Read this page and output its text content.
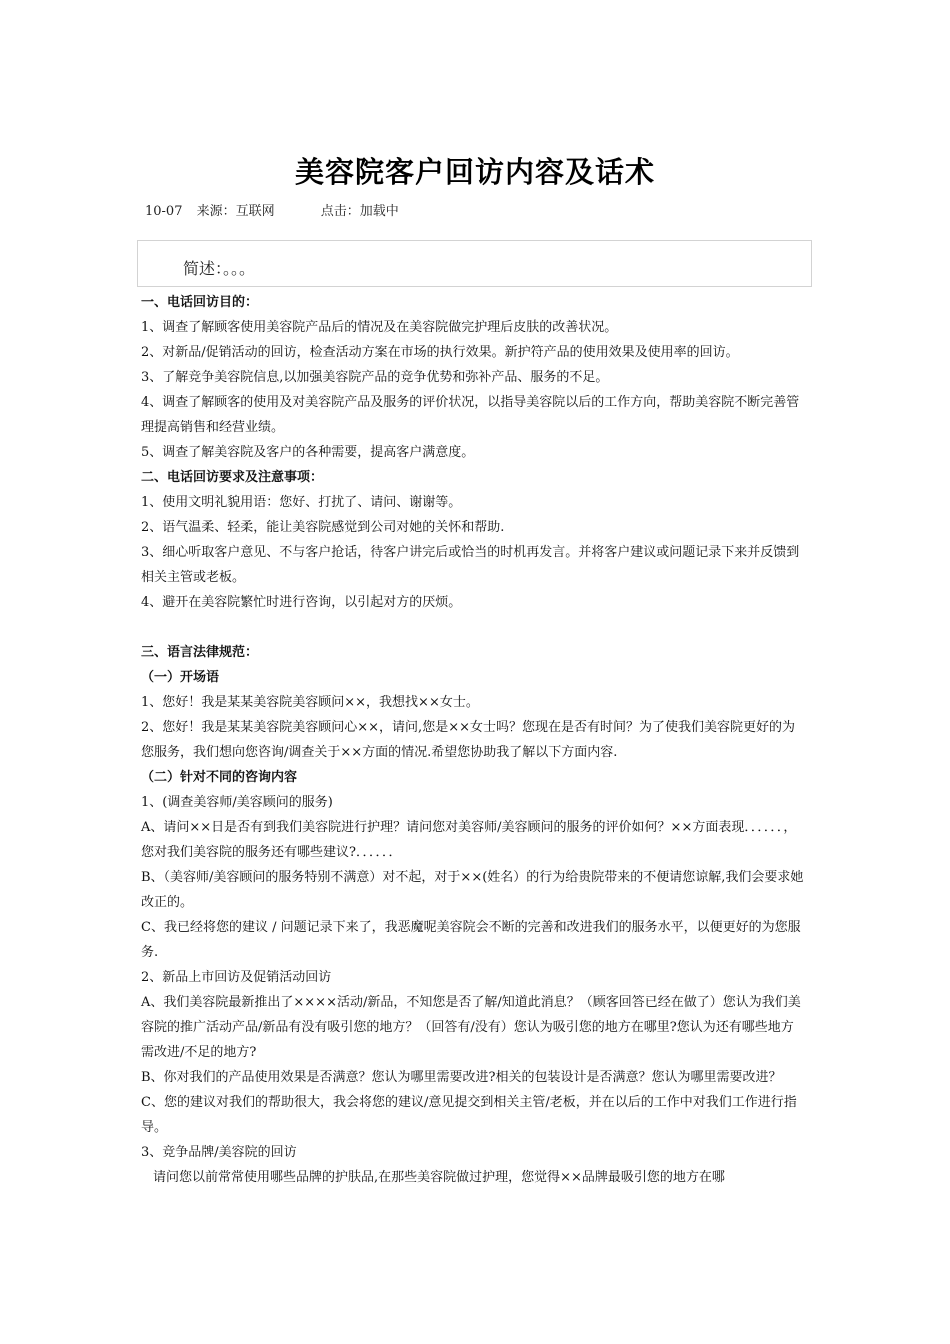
美容院客户回访内容及话术
10-07 来源：互联网	点击：加载中
简述：。。。

一、电话回访目的：

1、调查了解顾客使用美容院产品后的情况及在美容院做完护理后皮肤的改善状况。

2、对新品/促销活动的回访，检查活动方案在市场的执行效果。新护符产品的使用效果及使用率的回访。

3、了解竞争美容院信息,以加强美容院产品的竞争优势和弥补产品、服务的不足。

4、调查了解顾客的使用及对美容院产品及服务的评价状况，以指导美容院以后的工作方向，帮助美容院不断完善管理提高销售和经营业绩。

5、调查了解美容院及客户的各种需要，提高客户满意度。

二、电话回访要求及注意事项：

1、使用文明礼貌用语：您好、打扰了、请问、谢谢等。

2、语气温柔、轻柔，能让美容院感觉到公司对她的关怀和帮助.

3、细心听取客户意见、不与客户抢话，待客户讲完后或恰当的时机再发言。并将客户建议或问题记录下来并反馈到相关主管或老板。

4、避开在美容院繁忙时进行咨询，以引起对方的厌烦。

三、语言法律规范：

（一）开场语

1、您好！我是某某美容院美容顾问××，我想找××女士。

2、您好！我是某某美容院美容顾问心××，请问,您是××女士吗？您现在是否有时间？为了使我们美容院更好的为您服务，我们想向您咨询/调查关于××方面的情况.希望您协助我了解以下方面内容.

（二）针对不同的咨询内容

1、(调查美容师/美容顾问的服务)

A、请问××日是否有到我们美容院进行护理？请问您对美容师/美容顾问的服务的评价如何？××方面表现．．．．．．，您对我们美容院的服务还有哪些建议?．．．．．．

B、（美容师/美容顾问的服务特别不满意）对不起，对于××(姓名）的行为给贵院带来的不便请您谅解,我们会要求她改正的。

C、我已经将您的建议 / 问题记录下来了，我恶魔呢美容院会不断的完善和改进我们的服务水平，以便更好的为您服务.

2、新品上市回访及促销活动回访

A、我们美容院最新推出了××××活动/新品，不知您是否了解/知道此消息？（顾客回答已经在做了）您认为我们美容院的推广活动产品/新品有没有吸引您的地方？（回答有/没有）您认为吸引您的地方在哪里?您认为还有哪些地方需改进/不足的地方?

B、你对我们的产品使用效果是否满意？您认为哪里需要改进?相关的包装设计是否满意？您认为哪里需要改进？

C、您的建议对我们的帮助很大，我会将您的建议/意见提交到相关主管/老板，并在以后的工作中对我们工作进行指导。

3、竞争品牌/美容院的回访

请问您以前常常使用哪些品牌的护肤品,在那些美容院做过护理，您觉得××品牌最吸引您的地方在哪
